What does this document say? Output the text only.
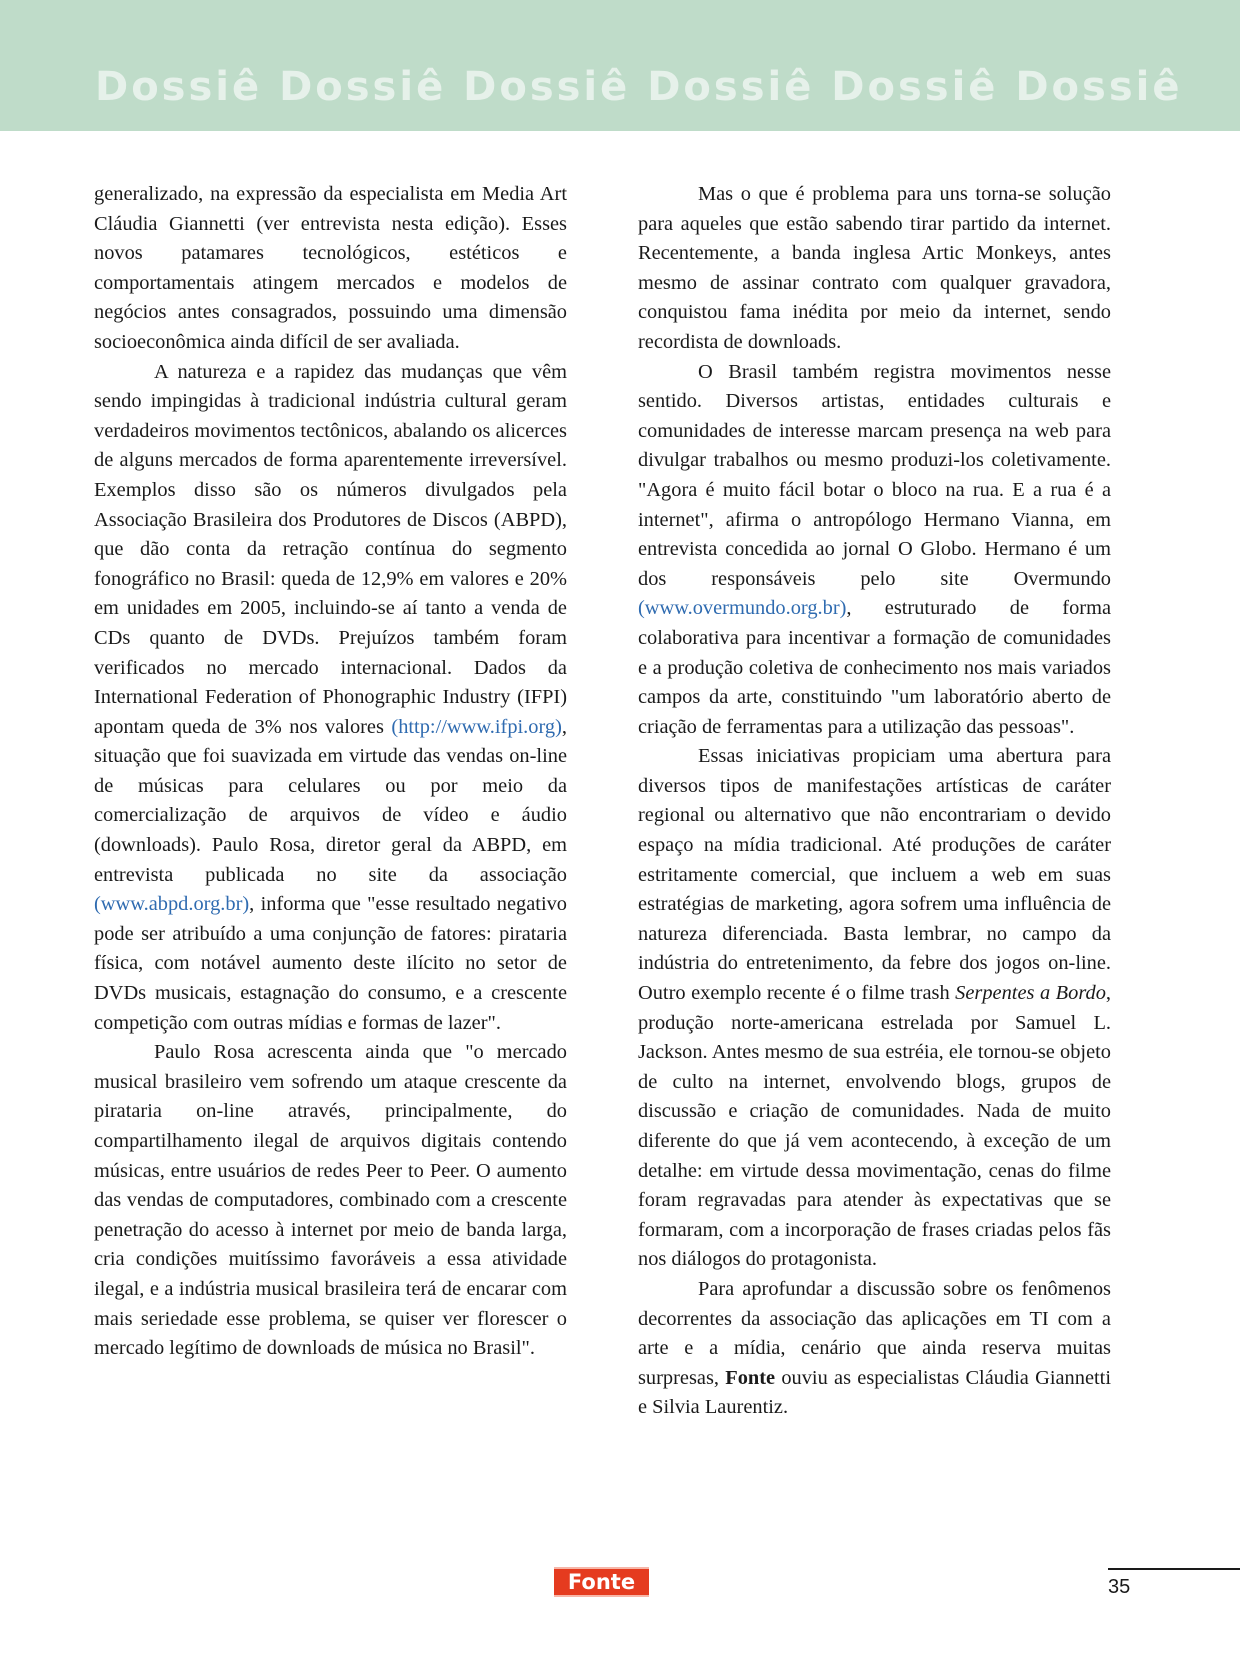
Dossiê Dossiê Dossiê Dossiê Dossiê Dossiê

generalizado, na expressão da especialista em Media Art Cláudia Giannetti (ver entrevista nesta edição). Esses novos patamares tecnológicos, estéticos e comportamentais atingem mercados e modelos de negócios antes consagrados, possuindo uma dimensão socioeconômica ainda difícil de ser avaliada.

A natureza e a rapidez das mudanças que vêm sendo impingidas à tradicional indústria cultural geram verdadeiros movimentos tectônicos, abalando os alicerces de alguns mercados de forma aparentemente irreversível. Exemplos disso são os números divulgados pela Associação Brasileira dos Produtores de Discos (ABPD), que dão conta da retração contínua do segmento fonográfico no Brasil: queda de 12,9% em valores e 20% em unidades em 2005, incluindo-se aí tanto a venda de CDs quanto de DVDs. Prejuízos também foram verificados no mercado internacional. Dados da International Federation of Phonographic Industry (IFPI) apontam queda de 3% nos valores (http://www.ifpi.org), situação que foi suavizada em virtude das vendas on-line de músicas para celulares ou por meio da comercialização de arquivos de vídeo e áudio (downloads). Paulo Rosa, diretor geral da ABPD, em entrevista publicada no site da associação (www.abpd.org.br), informa que "esse resultado negativo pode ser atribuído a uma conjunção de fatores: pirataria física, com notável aumento deste ilícito no setor de DVDs musicais, estagnação do consumo, e a crescente competição com outras mídias e formas de lazer".

Paulo Rosa acrescenta ainda que "o mercado musical brasileiro vem sofrendo um ataque crescente da pirataria on-line através, principalmente, do compartilhamento ilegal de arquivos digitais contendo músicas, entre usuários de redes Peer to Peer. O aumento das vendas de computadores, combinado com a crescente penetração do acesso à internet por meio de banda larga, cria condições muitíssimo favoráveis a essa atividade ilegal, e a indústria musical brasileira terá de encarar com mais seriedade esse problema, se quiser ver florescer o mercado legítimo de downloads de música no Brasil".

Mas o que é problema para uns torna-se solução para aqueles que estão sabendo tirar partido da internet. Recentemente, a banda inglesa Artic Monkeys, antes mesmo de assinar contrato com qualquer gravadora, conquistou fama inédita por meio da internet, sendo recordista de downloads.

O Brasil também registra movimentos nesse sentido. Diversos artistas, entidades culturais e comunidades de interesse marcam presença na web para divulgar trabalhos ou mesmo produzi-los coletivamente. "Agora é muito fácil botar o bloco na rua. E a rua é a internet", afirma o antropólogo Hermano Vianna, em entrevista concedida ao jornal O Globo. Hermano é um dos responsáveis pelo site Overmundo (www.overmundo.org.br), estruturado de forma colaborativa para incentivar a formação de comunidades e a produção coletiva de conhecimento nos mais variados campos da arte, constituindo "um laboratório aberto de criação de ferramentas para a utilização das pessoas".

Essas iniciativas propiciam uma abertura para diversos tipos de manifestações artísticas de caráter regional ou alternativo que não encontrariam o devido espaço na mídia tradicional. Até produções de caráter estritamente comercial, que incluem a web em suas estratégias de marketing, agora sofrem uma influência de natureza diferenciada. Basta lembrar, no campo da indústria do entretenimento, da febre dos jogos on-line. Outro exemplo recente é o filme trash Serpentes a Bordo, produção norte-americana estrelada por Samuel L. Jackson. Antes mesmo de sua estréia, ele tornou-se objeto de culto na internet, envolvendo blogs, grupos de discussão e criação de comunidades. Nada de muito diferente do que já vem acontecendo, à exceção de um detalhe: em virtude dessa movimentação, cenas do filme foram regravadas para atender às expectativas que se formaram, com a incorporação de frases criadas pelos fãs nos diálogos do protagonista.

Para aprofundar a discussão sobre os fenômenos decorrentes da associação das aplicações em TI com a arte e a mídia, cenário que ainda reserva muitas surpresas, Fonte ouviu as especialistas Cláudia Giannetti e Silvia Laurentiz.

Fonte	35
